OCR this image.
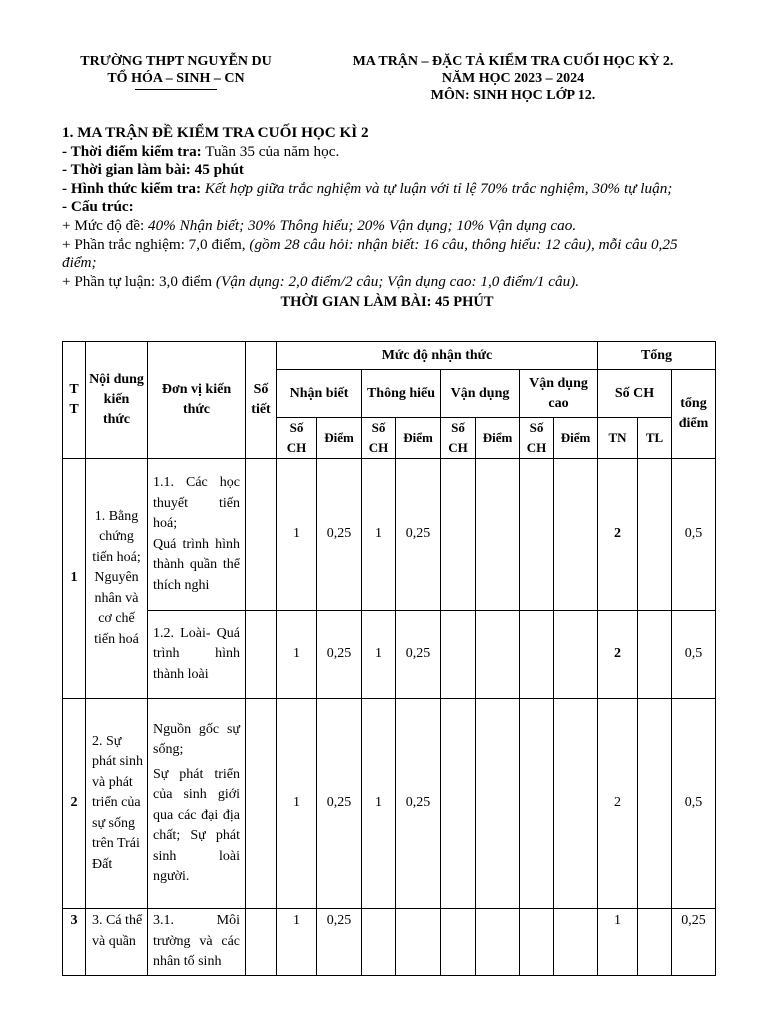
TRƯỜNG THPT NGUYỄN DU
TỔ HÓA – SINH – CN
MA TRẬN – ĐẶC TẢ KIỂM TRA CUỐI HỌC KỲ 2.
NĂM HỌC 2023 – 2024
MÔN: SINH HỌC LỚP 12.

1. MA TRẬN ĐỀ KIỂM TRA CUỐI HỌC KÌ 2

- Thời điểm kiểm tra: Tuần 35 của năm học.

- Thời gian làm bài: 45 phút

- Hình thức kiểm tra: Kết hợp giữa trắc nghiệm và tự luận với tỉ lệ 70% trắc nghiệm, 30% tự luận;

- Cấu trúc:

+ Mức độ đề: 40% Nhận biết; 30% Thông hiểu; 20% Vận dụng; 10% Vận dụng cao.

+ Phần trắc nghiệm: 7,0 điểm, (gồm 28 câu hỏi: nhận biết: 16 câu, thông hiểu: 12 câu), mỗi câu 0,25 điểm;

+ Phần tự luận: 3,0 điểm (Vận dụng: 2,0 điểm/2 câu; Vận dụng cao: 1,0 điểm/1 câu).

THỜI GIAN LÀM BÀI: 45 PHÚT
T T	Nội dung kiến thức	Đơn vị kiến thức	Số tiết	Mức độ nhận thức								Tổng		
				Nhận biết		Thông hiểu		Vận dụng		Vận dụng cao		Số CH		tổng điểm
				Số CH	Điểm	Số CH	Điểm	Số CH	Điểm	Số CH	Điểm	TN	TL	
1	1. Bằng chứng tiến hoá; Nguyên nhân và cơ chế tiến hoá	1.1. Các học thuyết tiến hoá;

Quá trình hình thành quần thể thích nghi		1	0,25	1	0,25					2		0,5

		1.2. Loài- Quá trình hình thành loài		1	0,25	1	0,25					2		0,5
2	2. Sự phát sinh và phát triển của sự sống trên Trái Đất	Nguồn gốc sự sống;

Sự phát triển của sinh giới qua các đại địa chất; Sự phát sinh loài người.		1	0,25	1	0,25					2		0,5
3	3. Cá thể và quần	3.1. Môi trường và các nhân tố sinh		1	0,25							1		0,25
